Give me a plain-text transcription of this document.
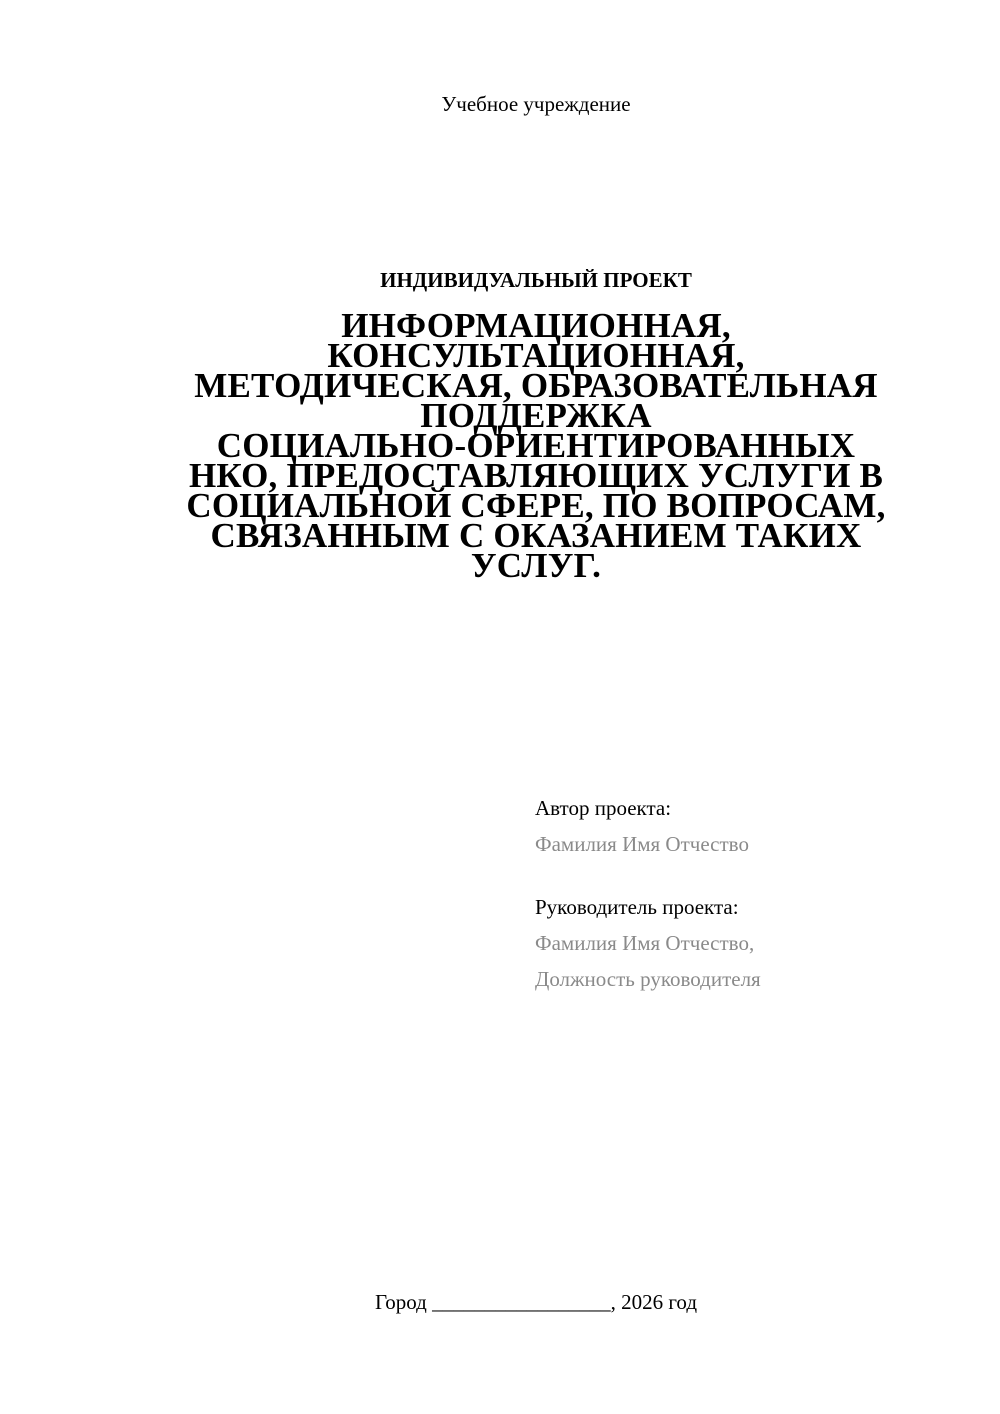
Учебное учреждение
ИНДИВИДУАЛЬНЫЙ ПРОЕКТ
ИНФОРМАЦИОННАЯ,
КОНСУЛЬТАЦИОННАЯ,
МЕТОДИЧЕСКАЯ, ОБРАЗОВАТЕЛЬНАЯ
ПОДДЕРЖКА
СОЦИАЛЬНО-ОРИЕНТИРОВАННЫХ
НКО, ПРЕДОСТАВЛЯЮЩИХ УСЛУГИ В
СОЦИАЛЬНОЙ СФЕРЕ, ПО ВОПРОСАМ,
СВЯЗАННЫМ С ОКАЗАНИЕМ ТАКИХ
УСЛУГ.
Автор проекта:
Фамилия Имя Отчество
Руководитель проекта:
Фамилия Имя Отчество,
Должность руководителя
Город _________________, 2026 год
